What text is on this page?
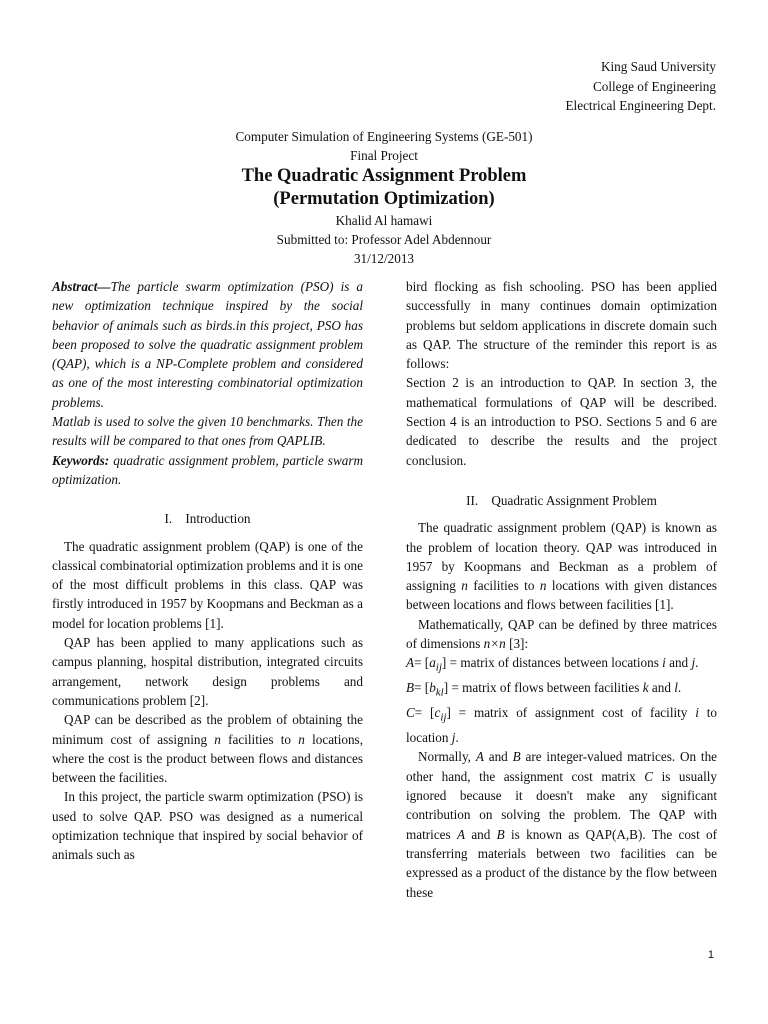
King Saud University
College of Engineering
Electrical Engineering Dept.
Computer Simulation of Engineering Systems (GE-501)
Final Project
The Quadratic Assignment Problem
(Permutation Optimization)
Khalid Al hamawi
Submitted to: Professor Adel Abdennour
31/12/2013

Abstract—The particle swarm optimization (PSO) is a new optimization technique inspired by the social behavior of animals such as birds.in this project, PSO has been proposed to solve the quadratic assignment problem (QAP), which is a NP-Complete problem and considered as one of the most interesting combinatorial optimization problems.

Matlab is used to solve the given 10 benchmarks. Then the results will be compared to that ones from QAPLIB.

Keywords: quadratic assignment problem, particle swarm optimization.

I. Introduction

The quadratic assignment problem (QAP) is one of the classical combinatorial optimization problems and it is one of the most difficult problems in this class. QAP was firstly introduced in 1957 by Koopmans and Beckman as a model for location problems [1].

QAP has been applied to many applications such as campus planning, hospital distribution, integrated circuits arrangement, network design problems and communications problem [2].

QAP can be described as the problem of obtaining the minimum cost of assigning n facilities to n locations, where the cost is the product between flows and distances between the facilities.

In this project, the particle swarm optimization (PSO) is used to solve QAP. PSO was designed as a numerical optimization technique that inspired by social behavior of animals such as

bird flocking as fish schooling. PSO has been applied successfully in many continues domain optimization problems but seldom applications in discrete domain such as QAP. The structure of the reminder this report is as follows:

Section 2 is an introduction to QAP. In section 3, the mathematical formulations of QAP will be described. Section 4 is an introduction to PSO. Sections 5 and 6 are dedicated to describe the results and the project conclusion.

II. Quadratic Assignment Problem

The quadratic assignment problem (QAP) is known as the problem of location theory. QAP was introduced in 1957 by Koopmans and Beckman as a problem of assigning n facilities to n locations with given distances between locations and flows between facilities [1].

Mathematically, QAP can be defined by three matrices of dimensions n×n [3]:

$A= [a_{ij}]$ = matrix of distances between locations i and j.

$B= [b_{kl}]$ = matrix of flows between facilities k and l.

$C= [c_{ij}]$ = matrix of assignment cost of facility i to location j.

Normally, A and B are integer-valued matrices. On the other hand, the assignment cost matrix C is usually ignored because it doesn't make any significant contribution on solving the problem. The QAP with matrices A and B is known as QAP(A,B). The cost of transferring materials between two facilities can be expressed as a product of the distance by the flow between these

1
